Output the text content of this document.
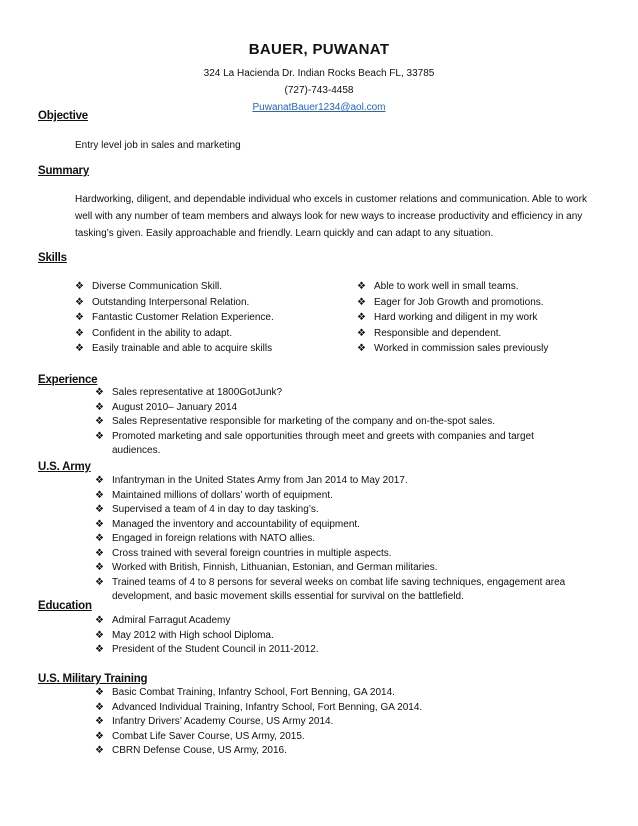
BAUER, PUWANAT
324 La Hacienda Dr. Indian Rocks Beach FL, 33785
(727)-743-4458
PuwanatBauer1234@aol.com
Objective

Entry level job in sales and marketing

Summary

Hardworking, diligent, and dependable individual who excels in customer relations and communication. Able to work well with any number of team members and always look for new ways to increase productivity and efficiency in any tasking’s given. Easily approachable and friendly. Learn quickly and can adapt to any situation.

Skills
❖ Diverse Communication Skill.
❖ Outstanding Interpersonal Relation.
❖ Fantastic Customer Relation Experience.
❖ Confident in the ability to adapt.
❖ Easily trainable and able to acquire skills
❖ Able to work well in small teams.
❖ Eager for Job Growth and promotions.
❖ Hard working and diligent in my work
❖ Responsible and dependent.
❖ Worked in commission sales previously
Experience
❖ Sales representative at 1800GotJunk?
❖ August 2010– January 2014
❖ Sales Representative responsible for marketing of the company and on-the-spot sales.
❖ Promoted marketing and sale opportunities through meet and greets with companies and target audiences.
U.S. Army
❖ Infantryman in the United States Army from Jan 2014 to May 2017.
❖ Maintained millions of dollars’ worth of equipment.
❖ Supervised a team of 4 in day to day tasking’s.
❖ Managed the inventory and accountability of equipment.
❖ Engaged in foreign relations with NATO allies.
❖ Cross trained with several foreign countries in multiple aspects.
❖ Worked with British, Finnish, Lithuanian, Estonian, and German militaries.
❖ Trained teams of 4 to 8 persons for several weeks on combat life saving techniques, engagement area development, and basic movement skills essential for survival on the battlefield.
Education
❖ Admiral Farragut Academy
❖ May 2012 with High school Diploma.
❖ President of the Student Council in 2011-2012.
U.S. Military Training
❖ Basic Combat Training, Infantry School, Fort Benning, GA 2014.
❖ Advanced Individual Training, Infantry School, Fort Benning, GA 2014.
❖ Infantry Drivers’ Academy Course, US Army 2014.
❖ Combat Life Saver Course, US Army, 2015.
❖ CBRN Defense Couse, US Army, 2016.
